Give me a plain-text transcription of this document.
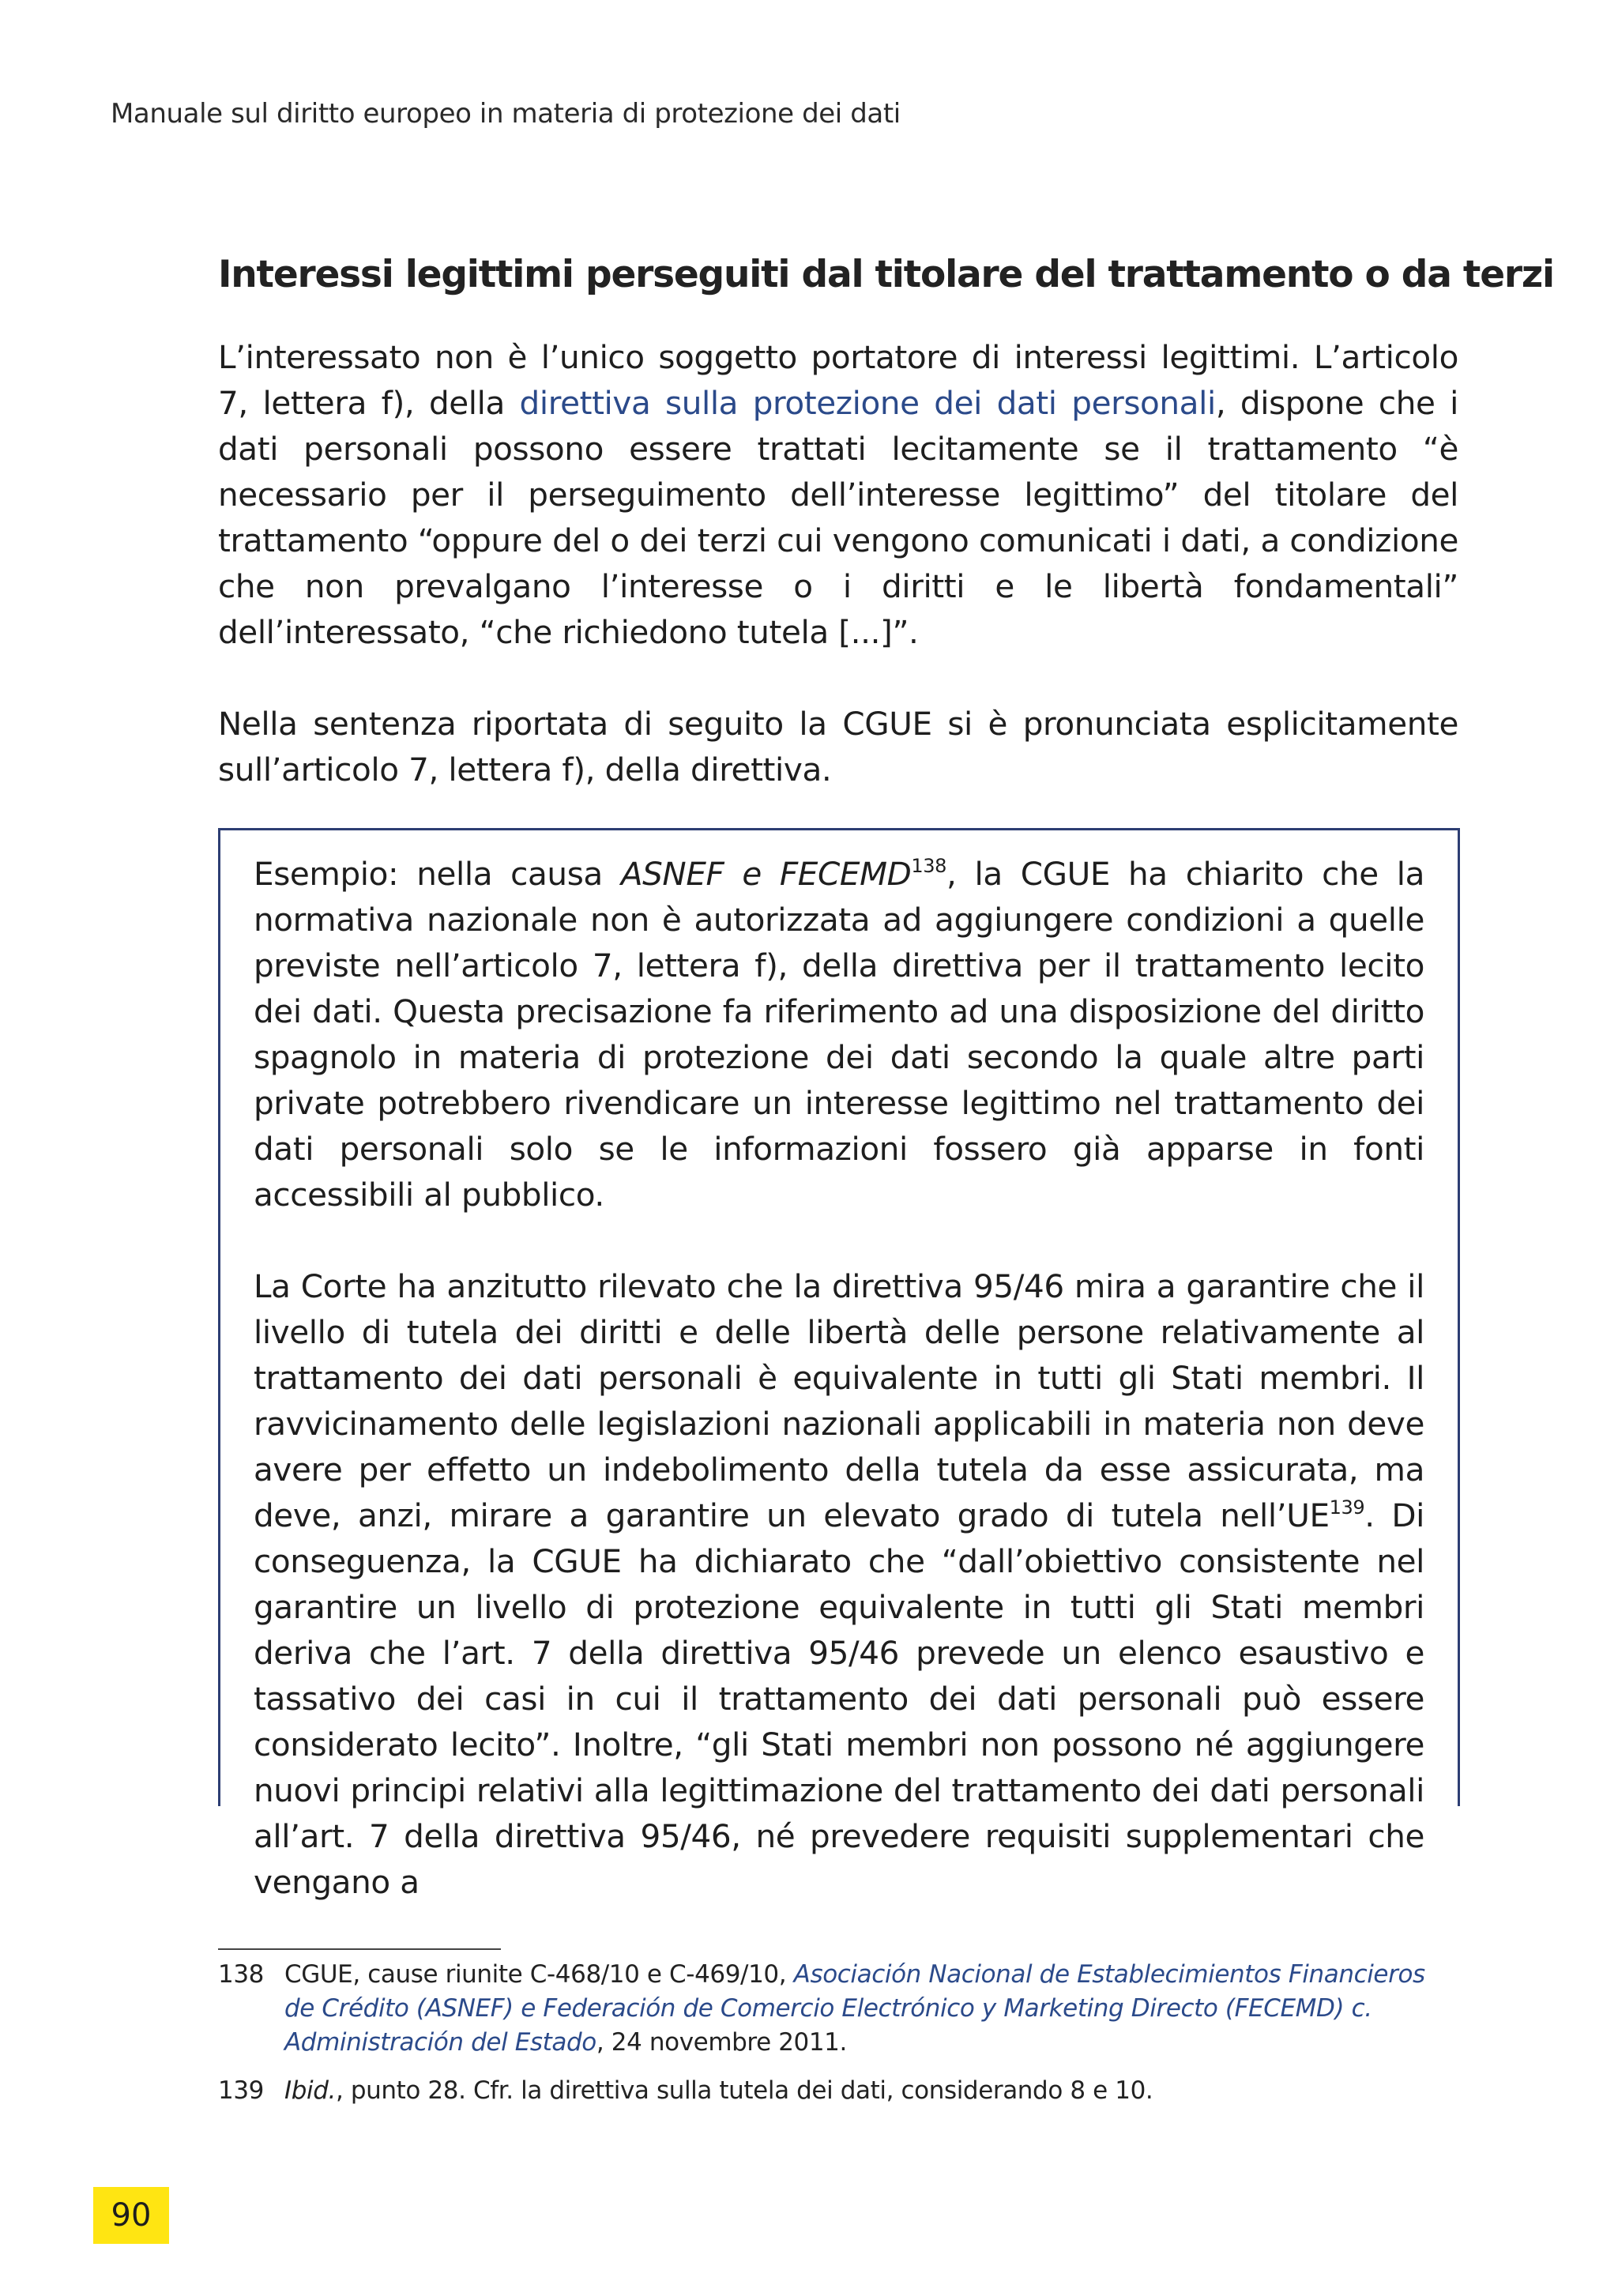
Manuale sul diritto europeo in materia di protezione dei dati
Interessi legittimi perseguiti dal titolare del trattamento o da terzi

L’interessato non è l’unico soggetto portatore di interessi legittimi. L’articolo 7, lettera f), della direttiva sulla protezione dei dati personali, dispone che i dati personali possono essere trattati lecitamente se il trattamento “è necessario per il perseguimento dell’interesse legittimo” del titolare del trattamento “oppure del o dei terzi cui vengono comunicati i dati, a condizione che non prevalgano l’interesse o i diritti e le libertà fondamentali” dell’interessato, “che richiedono tutela [...]”.

Nella sentenza riportata di seguito la CGUE si è pronunciata esplicitamente sull’articolo 7, lettera f), della direttiva.

Esempio: nella causa ASNEF e FECEMD$^{138}$, la CGUE ha chiarito che la normativa nazionale non è autorizzata ad aggiungere condizioni a quelle previste nell’articolo 7, lettera f), della direttiva per il trattamento lecito dei dati. Questa precisazione fa riferimento ad una disposizione del diritto spagnolo in materia di protezione dei dati secondo la quale altre parti private potrebbero rivendicare un interesse legittimo nel trattamento dei dati personali solo se le informazioni fossero già apparse in fonti accessibili al pubblico.

La Corte ha anzitutto rilevato che la direttiva 95/46 mira a garantire che il livello di tutela dei diritti e delle libertà delle persone relativamente al trattamento dei dati personali è equivalente in tutti gli Stati membri. Il ravvicinamento delle legislazioni nazionali applicabili in materia non deve avere per effetto un indebolimento della tutela da esse assicurata, ma deve, anzi, mirare a garantire un elevato grado di tutela nell’UE$^{139}$. Di conseguenza, la CGUE ha dichiarato che “dall’obiettivo consistente nel garantire un livello di protezione equivalente in tutti gli Stati membri deriva che l’art. 7 della direttiva 95/46 prevede un elenco esaustivo e tassativo dei casi in cui il trattamento dei dati personali può essere considerato lecito”. Inoltre, “gli Stati membri non possono né aggiungere nuovi principi relativi alla legittimazione del trattamento dei dati personali all’art. 7 della direttiva 95/46, né prevedere requisiti supplementari che vengano a

138 CGUE, cause riunite C-468/10 e C-469/10, Asociación Nacional de Establecimientos Financieros de Crédito (ASNEF) e Federación de Comercio Electrónico y Marketing Directo (FECEMD) c. Administración del Estado, 24 novembre 2011.
139 Ibid., punto 28. Cfr. la direttiva sulla tutela dei dati, considerando 8 e 10.
90
